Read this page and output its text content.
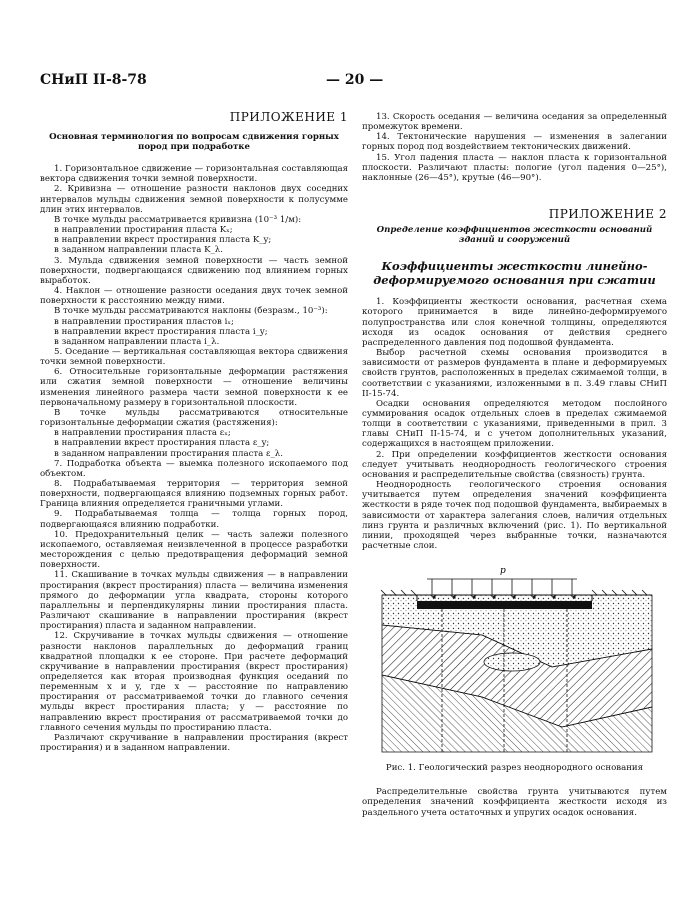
СНиП II-8-78	— 20 —
ПРИЛОЖЕНИЕ 1
Основная терминология по вопросам сдвижения горных пород при подработке

1. Горизонтальное сдвижение — горизонтальная составляющая вектора сдвижения точки земной поверхности.

2. Кривизна — отношение разности наклонов двух соседних интервалов мульды сдвижения земной поверхности к полусумме длин этих интервалов.

В точке мульды рассматривается кривизна (10⁻³ 1/м):

в направлении простирания пласта Kₓ;

в направлении вкрест простирания пласта K_y;

в заданном направлении пласта K_λ.

3. Мульда сдвижения земной поверхности — часть земной поверхности, подвергающаяся сдвижению под влиянием горных выработок.

4. Наклон — отношение разности оседания двух точек земной поверхности к расстоянию между ними.

В точке мульды рассматриваются наклоны (безразм., 10⁻³):

в направлении простирания пластов iₓ;

в направлении вкрест простирания пласта i_y;

в заданном направлении пласта i_λ.

5. Оседание — вертикальная составляющая вектора сдвижения точки земной поверхности.

6. Относительные горизонтальные деформации растяжения или сжатия земной поверхности — отношение величины изменения линейного размера части земной поверхности к ее первоначальному размеру в горизонтальной плоскости.

В точке мульды рассматриваются относительные горизонтальные деформации сжатия (растяжения):

в направлении простирания пласта εₓ;

в направлении вкрест простирания пласта ε_y;

в заданном направлении простирания пласта ε_λ.

7. Подработка объекта — выемка полезного ископаемого под объектом.

8. Подрабатываемая территория — территория земной поверхности, подвергающаяся влиянию подземных горных работ. Граница влияния определяется граничными углами.

9. Подрабатываемая толща — толща горных пород, подвергающаяся влиянию подработки.

10. Предохранительный целик — часть залежи полезного ископаемого, оставляемая неизвлеченной в процессе разработки месторождения с целью предотвращения деформаций земной поверхности.

11. Скашивание в точках мульды сдвижения — в направлении простирания (вкрест простирания) пласта — величина изменения прямого до деформации угла квадрата, стороны которого параллельны и перпендикулярны линии простирания пласта. Различают скашивание в направлении простирания (вкрест простирания) пласта и заданном направлении.

12. Скручивание в точках мульды сдвижения — отношение разности наклонов параллельных до деформаций границ квадратной площадки к ее стороне. При расчете деформаций скручивание в направлении простирания (вкрест простирания) определяется как вторая производная функция оседаний по переменным x и y, где x — расстояние по направлению простирания от рассматриваемой точки до главного сечения мульды вкрест простирания пласта; y — расстояние по направлению вкрест простирания от рассматриваемой точки до главного сечения мульды по простиранию пласта.

Различают скручивание в направлении простирания (вкрест простирания) и в заданном направлении.

13. Скорость оседания — величина оседания за определенный промежуток времени.

14. Тектонические нарушения — изменения в залегании горных пород под воздействием тектонических движений.

15. Угол падения пласта — наклон пласта к горизонтальной плоскости. Различают пласты: пологие (угол падения 0—25°), наклонные (26—45°), крутые (46—90°).

ПРИЛОЖЕНИЕ 2
Определение коэффициентов жесткости оснований зданий и сооружений
Коэффициенты жесткости линейно-деформируемого основания при сжатии

1. Коэффициенты жесткости основания, расчетная схема которого принимается в виде линейно-деформируемого полупространства или слоя конечной толщины, определяются исходя из осадок основания от действия среднего распределенного давления под подошвой фундамента.

Выбор расчетной схемы основания производится в зависимости от размеров фундамента в плане и деформируемых свойств грунтов, расположенных в пределах сжимаемой толщи, в соответствии с указаниями, изложенными в п. 3.49 главы СНиП II-15-74.

Осадки основания определяются методом послойного суммирования осадок отдельных слоев в пределах сжимаемой толщи в соответствии с указаниями, приведенными в прил. 3 главы СНиП II-15-74, и с учетом дополнительных указаний, содержащихся в настоящем приложении.

2. При определении коэффициентов жесткости основания следует учитывать неоднородность геологического строения основания и распределительные свойства (связность) грунта.

Неоднородность геологического строения основания учитывается путем определения значений коэффициента жесткости в ряде точек под подошвой фундамента, выбираемых в зависимости от характера залегания слоев, наличия отдельных линз грунта и различных включений (рис. 1). По вертикальной линии, проходящей через выбранные точки, назначаются расчетные слои.

p

Рис. 1. Геологический разрез неоднородного основания

Распределительные свойства грунта учитываются путем определения значений коэффициента жесткости исходя из раздельного учета остаточных и упругих осадок основания.
